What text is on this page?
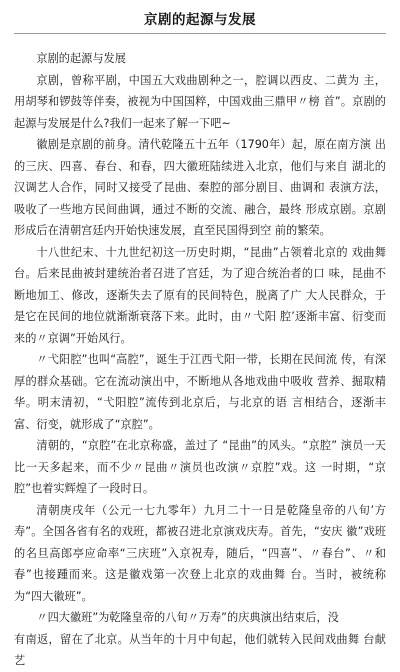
京剧的起源与发展

京剧的起源与发展

京剧，曾称平剧，中国五大戏曲剧种之一，腔调以西皮、二黄为 主，用胡琴和锣鼓等伴奏，被视为中国国粹，中国戏曲三鼎甲〃榜 首”。京剧的起源与发展是什么?我们一起来了解一下吧~

徽剧是京剧的前身。清代乾隆五十五年（1790年）起，原在南方演 出的三庆、四喜、春台、和春，四大徽班陆续进入北京，他们与来自 湖北的汉调艺人合作，同时又接受了昆曲、秦腔的部分剧目、曲调和 表演方法，吸收了一些地方民间曲调，通过不断的交流、融合，最终 形成京剧。京剧形成后在清朝宫廷内开始快速发展，直至民国得到空 前的繁荣。

十八世纪末、十九世纪初这一历史时期，“昆曲”占领着北京的 戏曲舞台。后来昆曲被封建统治者召进了宫廷，为了迎合统治者的口 味，昆曲不断地加工、修改，逐渐失去了原有的民间特色，脱离了广 大人民群众，于是它在民间的地位就渐渐衰落下来。此时，由〃弋阳 腔’逐渐丰富、衍变而来的〃京调”开始风行。

〃弋阳腔”也叫“高腔”，诞生于江西弋阳一带，长期在民间流 传，有深厚的群众基础。它在流动演出中，不断地从各地戏曲中吸收 营养、掘取精华。明末清初，“弋阳腔”流传到北京后，与北京的语 言相结合，逐渐丰富、衍变，就形成了“京腔”。

清朝的，“京腔”在北京称盛，盖过了 “昆曲”的风头。“京腔” 演员一天比一天多起来，而不少〃昆曲〃演员也改演〃京腔”戏。这 一时期，“京腔”也着实辉煌了一段时日。

清朝庚戌年（公元一七九零年）九月二十一日是乾隆皇帝的八旬’方 寿”。全国各省有名的戏班，都被召进北京演戏庆寿。首先，“安庆 徽”戏班的名旦高郎亭应命率“三庆班”入京祝寿，随后，“四喜”、〃春台”、〃和春”也接踵而来。这是徽戏第一次登上北京的戏曲舞 台。当时，被统称为“四大徽班”。

〃四大徽班”为乾隆皇帝的八旬〃万寿”的庆典演出结束后，没

有南返，留在了北京。从当年的十月中旬起，他们就转入民间戏曲舞 台献艺
